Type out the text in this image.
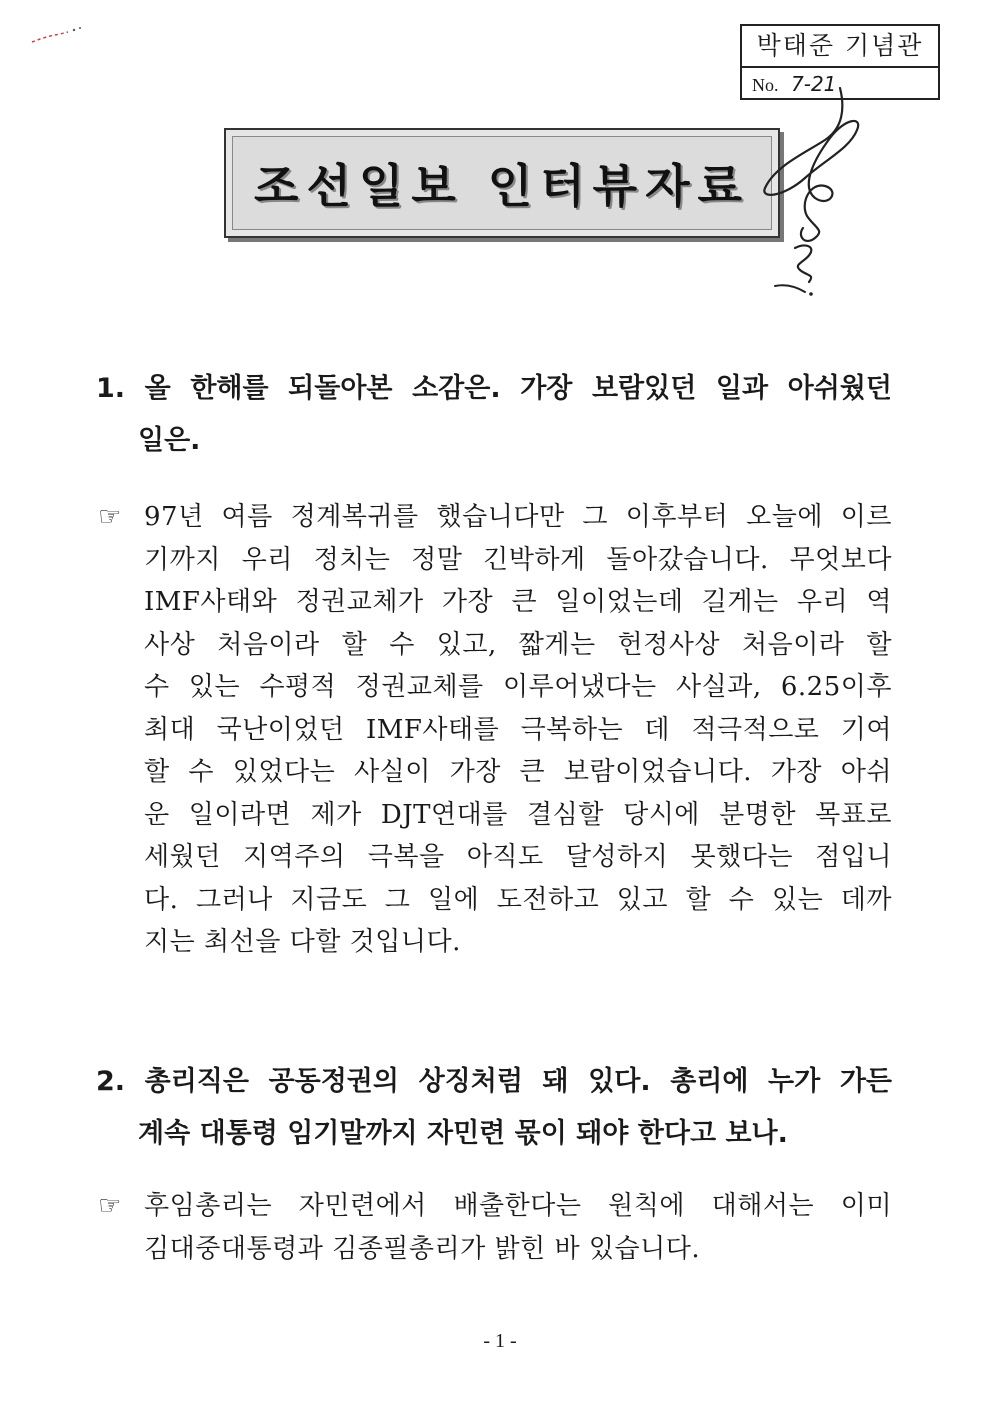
박태준 기념관
No. 7-21
조선일보 인터뷰자료
1. 올 한해를 되돌아본 소감은. 가장 보람있던 일과 아쉬웠던
일은.
☞ 97년 여름 정계복귀를 했습니다만 그 이후부터 오늘에 이르
기까지 우리 정치는 정말 긴박하게 돌아갔습니다. 무엇보다
IMF사태와 정권교체가 가장 큰 일이었는데 길게는 우리 역
사상 처음이라 할 수 있고, 짧게는 헌정사상 처음이라 할
수 있는 수평적 정권교체를 이루어냈다는 사실과, 6.25이후
최대 국난이었던 IMF사태를 극복하는 데 적극적으로 기여
할 수 있었다는 사실이 가장 큰 보람이었습니다. 가장 아쉬
운 일이라면 제가 DJT연대를 결심할 당시에 분명한 목표로
세웠던 지역주의 극복을 아직도 달성하지 못했다는 점입니
다. 그러나 지금도 그 일에 도전하고 있고 할 수 있는 데까
지는 최선을 다할 것입니다.
2. 총리직은 공동정권의 상징처럼 돼 있다. 총리에 누가 가든
계속 대통령 임기말까지 자민련 몫이 돼야 한다고 보나.
☞ 후임총리는 자민련에서 배출한다는 원칙에 대해서는 이미
김대중대통령과 김종필총리가 밝힌 바 있습니다.
- 1 -
